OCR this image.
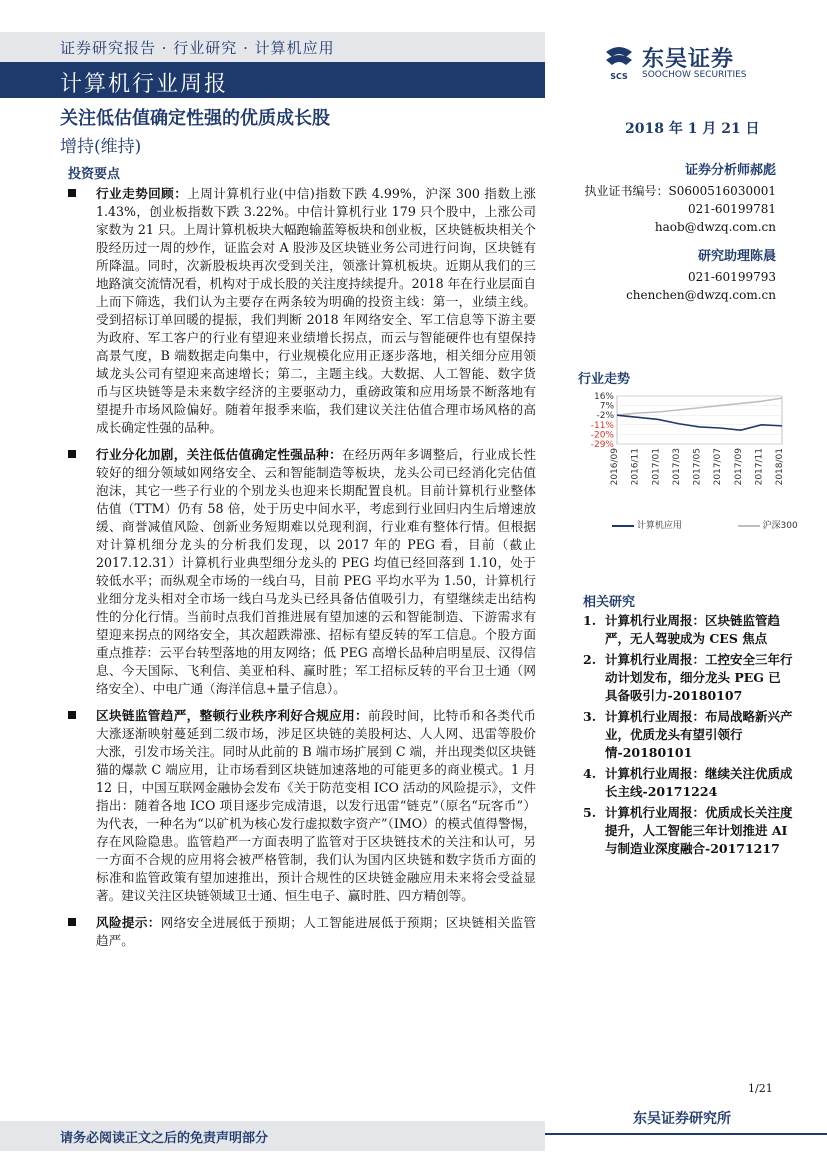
证券研究报告 · 行业研究 · 计算机应用
计算机行业周报	SCS
东吴证券
SOOCHOW SECURITIES
关注低估值确定性强的优质成长股
增持(维持)
2018 年 1 月 21 日
投资要点
行业走势回顾：上周计算机行业(中信)指数下跌 4.99%，沪深 300 指数上涨 1.43%，创业板指数下跌 3.22%。中信计算机行业 179 只个股中，上涨公司家数为 21 只。上周计算机板块大幅跑输蓝筹板块和创业板，区块链板块相关个股经历过一周的炒作，证监会对 A 股涉及区块链业务公司进行问询，区块链有所降温。同时，次新股板块再次受到关注，领涨计算机板块。近期从我们的三地路演交流情况看，机构对于成长股的关注度持续提升。2018 年在行业层面自上而下筛选，我们认为主要存在两条较为明确的投资主线：第一，业绩主线。受到招标订单回暖的提振，我们判断 2018 年网络安全、军工信息等下游主要为政府、军工客户的行业有望迎来业绩增长拐点，而云与智能硬件也有望保持高景气度，B 端数据走向集中，行业规模化应用正逐步落地，相关细分应用领域龙头公司有望迎来高速增长；第二，主题主线。大数据、人工智能、数字货币与区块链等是未来数字经济的主要驱动力，重磅政策和应用场景不断落地有望提升市场风险偏好。随着年报季来临，我们建议关注估值合理市场风格的高成长确定性强的品种。
行业分化加剧，关注低估值确定性强品种：在经历两年多调整后，行业成长性较好的细分领域如网络安全、云和智能制造等板块，龙头公司已经消化完估值泡沫，其它一些子行业的个别龙头也迎来长期配置良机。目前计算机行业整体估值（TTM）仍有 58 倍，处于历史中间水平，考虑到行业回归内生后增速放缓、商誉减值风险、创新业务短期难以兑现利润，行业难有整体行情。但根据对计算机细分龙头的分析我们发现，以 2017 年的 PEG 看，目前（截止 2017.12.31）计算机行业典型细分龙头的 PEG 均值已经回落到 1.10，处于较低水平；而纵观全市场的一线白马，目前 PEG 平均水平为 1.50，计算机行业细分龙头相对全市场一线白马龙头已经具备估值吸引力，有望继续走出结构性的分化行情。当前时点我们首推进展有望加速的云和智能制造、下游需求有望迎来拐点的网络安全，其次超跌滞涨、招标有望反转的军工信息。个股方面重点推荐：云平台转型落地的用友网络；低 PEG 高增长品种启明星辰、汉得信息、今天国际、飞利信、美亚柏科、赢时胜；军工招标反转的平台卫士通（网络安全）、中电广通（海洋信息+量子信息）。
区块链监管趋严，整顿行业秩序利好合规应用：前段时间，比特币和各类代币大涨逐渐映射蔓延到二级市场，涉足区块链的美股柯达、人人网、迅雷等股价大涨，引发市场关注。同时从此前的 B 端市场扩展到 C 端，并出现类似区块链猫的爆款 C 端应用，让市场看到区块链加速落地的可能更多的商业模式。1 月 12 日，中国互联网金融协会发布《关于防范变相 ICO 活动的风险提示》，文件指出：随着各地 ICO 项目逐步完成清退，以发行迅雷“链克”（原名“玩客币”）为代表，一种名为“以矿机为核心发行虚拟数字资产”（IMO）的模式值得警惕，存在风险隐患。监管趋严一方面表明了监管对于区块链技术的关注和认可，另一方面不合规的应用将会被严格管制，我们认为国内区块链和数字货币方面的标准和监管政策有望加速推出，预计合规性的区块链金融应用未来将会受益显著。建议关注区块链领域卫士通、恒生电子、赢时胜、四方精创等。
风险提示：网络安全进展低于预期；人工智能进展低于预期；区块链相关监管趋严。
证券分析师郝彪
执业证书编号：S0600516030001
021-60199781
haob@dwzq.com.cn
研究助理陈晨
021-60199793
chenchen@dwzq.com.cn
行业走势
16%
7%
-2%
-11%
-20%
-29%
2016/09 2016/11 2017/01 2017/03 2017/05 2017/07 2017/09 2017/11 2018/01
计算机应用	沪深300
相关研究
1. 计算机行业周报：区块链监管趋严，无人驾驶成为 CES 焦点
2. 计算机行业周报：工控安全三年行动计划发布，细分龙头 PEG 已具备吸引力-20180107
3. 计算机行业周报：布局战略新兴产业，优质龙头有望引领行情-20180101
4. 计算机行业周报：继续关注优质成长主线-20171224
5. 计算机行业周报：优质成长关注度提升，人工智能三年计划推进 AI 与制造业深度融合-20171217
1/21
请务必阅读正文之后的免责声明部分
东吴证券研究所
